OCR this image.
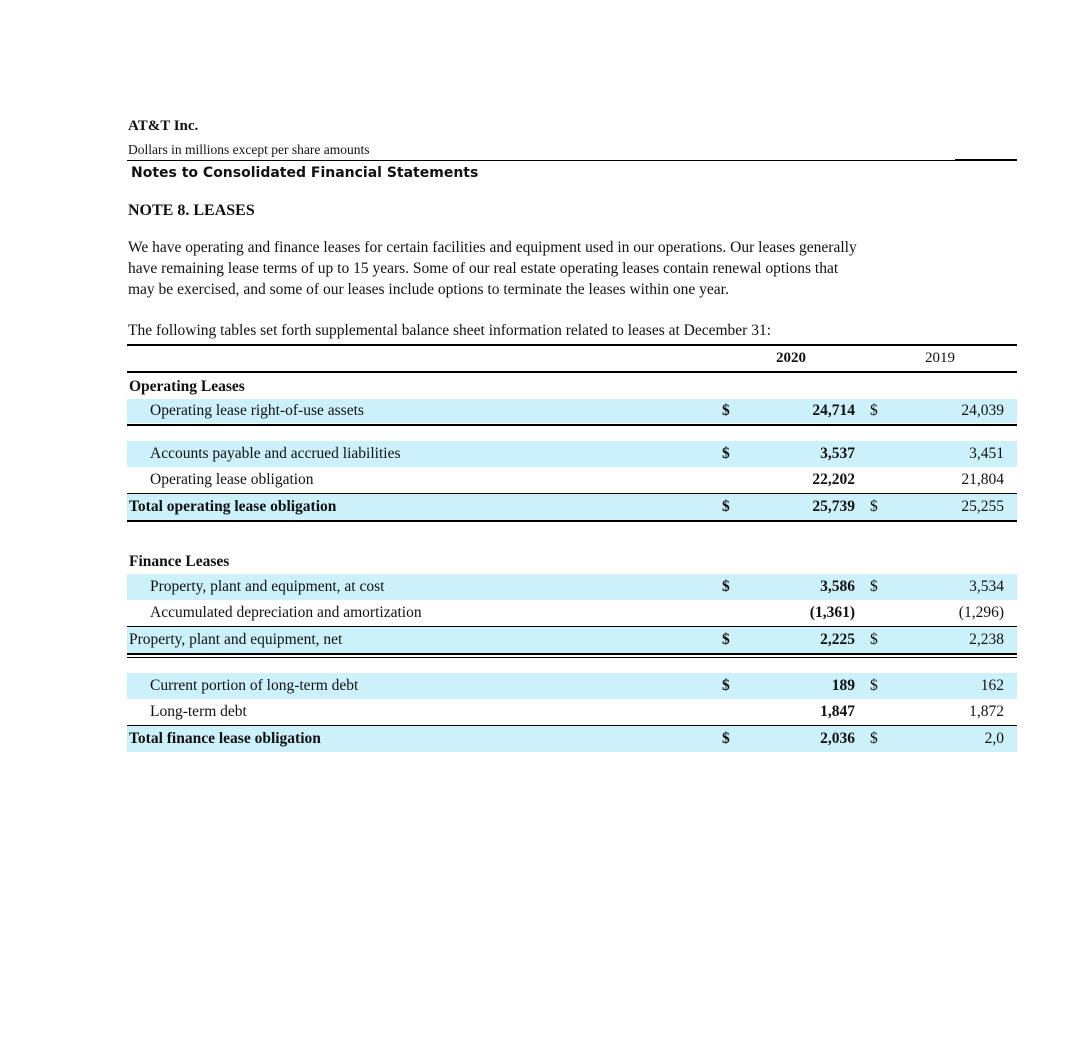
AT&T Inc.
Dollars in millions except per share amounts
Notes to Consolidated Financial Statements
NOTE 8. LEASES
We have operating and finance leases for certain facilities and equipment used in our operations. Our leases generally
have remaining lease terms of up to 15 years. Some of our real estate operating leases contain renewal options that
may be exercised, and some of our leases include options to terminate the leases within one year.
The following tables set forth supplemental balance sheet information related to leases at December 31:
2020	2019
Operating Leases
Operating lease right-of-use assets	$	24,714 $	24,039
Accounts payable and accrued liabilities	$	3,537	3,451
Operating lease obligation	22,202	21,804
Total operating lease obligation	$	25,739 $	25,255
Finance Leases
Property, plant and equipment, at cost	$	3,586 $	3,534
Accumulated depreciation and amortization	(1,361)	(1,296)
Property, plant and equipment, net	$	2,225 $	2,238
Current portion of long-term debt	$	189 $	162
Long-term debt	1,847	1,872
Total finance lease obligation	$	2,036 $	2,0
